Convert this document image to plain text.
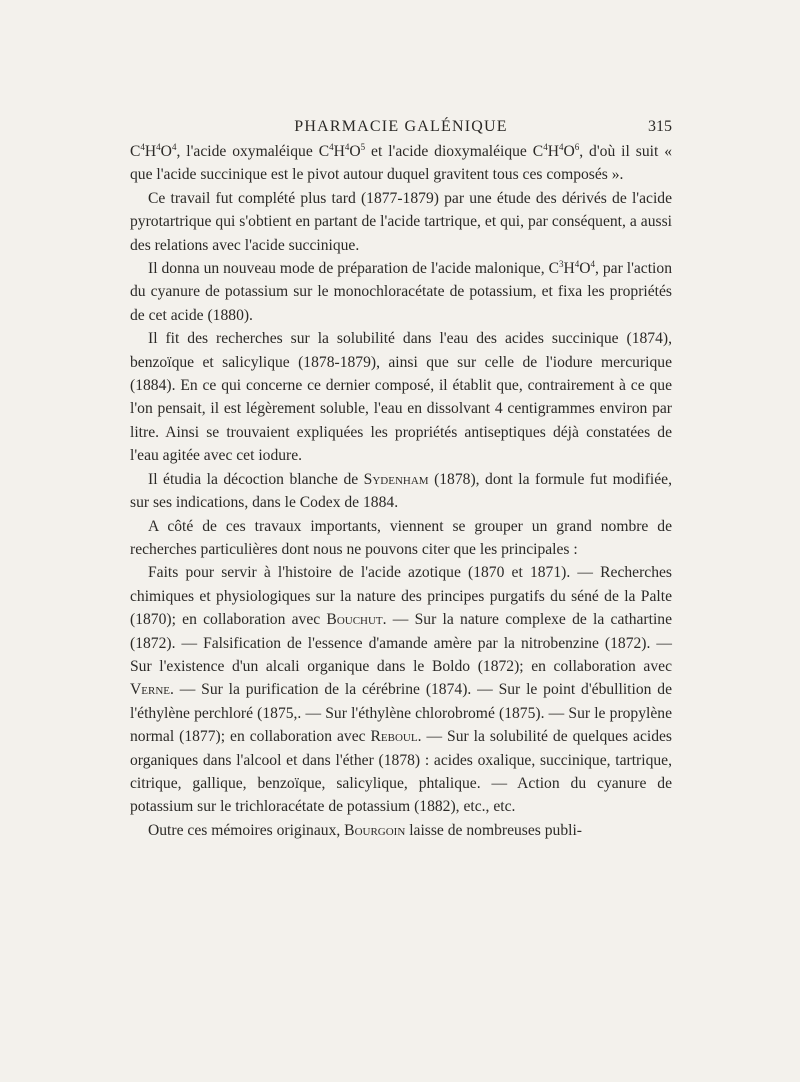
PHARMACIE GALÉNIQUE	315

$C^4H^4O^4$, l'acide oxymaléique $C^4H^4O^5$ et l'acide dioxymaléique $C^4H^4O^6$, d'où il suit « que l'acide succinique est le pivot autour duquel gravitent tous ces composés ».

Ce travail fut complété plus tard (1877-1879) par une étude des dérivés de l'acide pyrotartrique qui s'obtient en partant de l'acide tartrique, et qui, par conséquent, a aussi des relations avec l'acide succinique.

Il donna un nouveau mode de préparation de l'acide malonique, $C^3H^4O^4$, par l'action du cyanure de potassium sur le monochloracétate de potassium, et fixa les propriétés de cet acide (1880).

Il fit des recherches sur la solubilité dans l'eau des acides succinique (1874), benzoïque et salicylique (1878-1879), ainsi que sur celle de l'iodure mercurique (1884). En ce qui concerne ce dernier composé, il établit que, contrairement à ce que l'on pensait, il est légèrement soluble, l'eau en dissolvant 4 centigrammes environ par litre. Ainsi se trouvaient expliquées les propriétés antiseptiques déjà constatées de l'eau agitée avec cet iodure.

Il étudia la décoction blanche de Sydenham (1878), dont la formule fut modifiée, sur ses indications, dans le Codex de 1884.

A côté de ces travaux importants, viennent se grouper un grand nombre de recherches particulières dont nous ne pouvons citer que les principales :

Faits pour servir à l'histoire de l'acide azotique (1870 et 1871). — Recherches chimiques et physiologiques sur la nature des principes purgatifs du séné de la Palte (1870); en collaboration avec Bouchut. — Sur la nature complexe de la cathartine (1872). — Falsification de l'essence d'amande amère par la nitrobenzine (1872). — Sur l'existence d'un alcali organique dans le Boldo (1872); en collaboration avec Verne. — Sur la purification de la cérébrine (1874). — Sur le point d'ébullition de l'éthylène perchloré (1875,. — Sur l'éthylène chlorobromé (1875). — Sur le propylène normal (1877); en collaboration avec Reboul. — Sur la solubilité de quelques acides organiques dans l'alcool et dans l'éther (1878) : acides oxalique, succinique, tartrique, citrique, gallique, benzoïque, salicylique, phtalique. — Action du cyanure de potassium sur le trichloracétate de potassium (1882), etc., etc.

Outre ces mémoires originaux, Bourgoin laisse de nombreuses publi-
